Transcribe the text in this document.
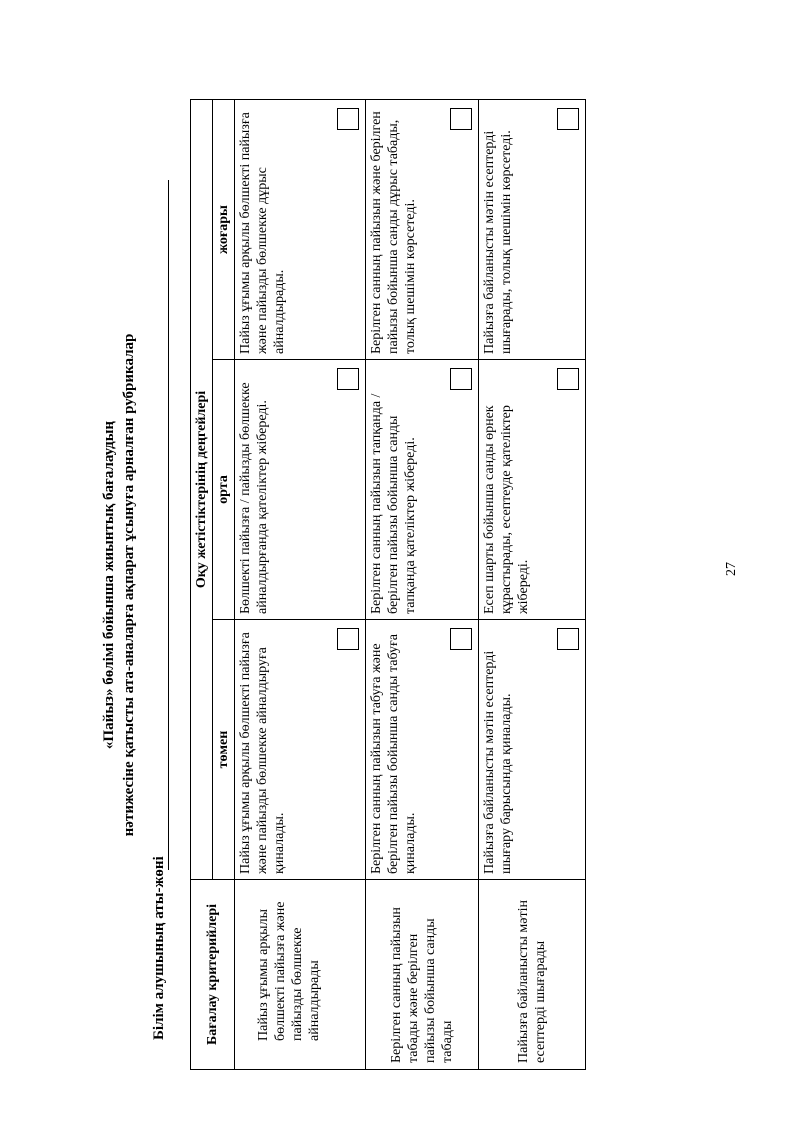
«Пайыз» бөлімі бойынша жиынтық бағалаудың нәтижесіне қатысты ата-аналарға ақпарат ұсынуға арналған рубрикалар
Білім алушының аты-жөні	Бағалау критерийлері	Оқу жетістіктерінің деңгейлері		
	төмен	орта	жоғары
Пайыз ұғымы арқылы бөлшекті пайызға және пайызды бөлшекке айналдырады	Пайыз ұғымы арқылы бөлшекті пайызға және пайызды бөлшекке айналдыруға қиналады.	Бөлшекті пайызға / пайызды бөлшекке айналдырғанда қателіктер жібереді.	Пайыз ұғымы арқылы бөлшекті пайызға және пайызды бөлшекке дұрыс айналдырады.

Берілген санның пайызын табады және берілген пайызы бойынша санды табады	Берілген санның пайызын табуға және берілген пайызы бойынша санды табуға қиналады.	Берілген санның пайызын тапқанда / берілген пайызы бойынша санды тапқанда қателіктер жібереді.	Берілген санның пайызын және берілген пайызы бойынша санды дұрыс табады, толық шешімін көрсетеді.

Пайызға байланысты мәтін есептерді шығарады	Пайызға байланысты мәтін есептерді шығару барысында қиналады.	Есеп шарты бойынша санды өрнек құрастырады, есептеуде қателіктер жібереді.	Пайызға байланысты мәтін есептерді шығарады, толық шешімін көрсетеді.
27
